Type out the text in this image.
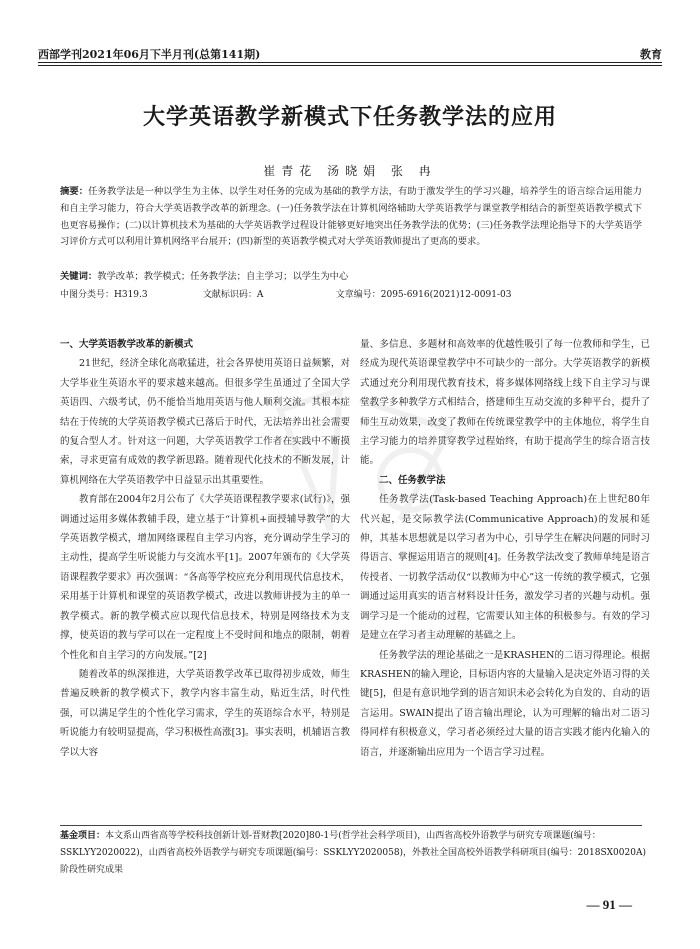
西部学刊2021年06月下半月刊(总第141期)	教育
大学英语教学新模式下任务教学法的应用
崔青花 汤晓娟 张 冉
摘要：任务教学法是一种以学生为主体、以学生对任务的完成为基础的教学方法，有助于激发学生的学习兴趣，培养学生的语言综合运用能力和自主学习能力，符合大学英语教学改革的新理念。(一)任务教学法在计算机网络辅助大学英语教学与课堂教学相结合的新型英语教学模式下也更容易操作；(二)以计算机技术为基础的大学英语教学过程设计能够更好地突出任务教学法的优势；(三)任务教学法理论指导下的大学英语学习评价方式可以利用计算机网络平台展开；(四)新型的英语教学模式对大学英语教师提出了更高的要求。
关键词：教学改革；教学模式；任务教学法；自主学习；以学生为中心
中图分类号：H319.3	文献标识码：A	文章编号：2095-6916(2021)12-0091-03
一、大学英语教学改革的新模式

21世纪，经济全球化高歌猛进，社会各界使用英语日益频繁，对大学毕业生英语水平的要求越来越高。但很多学生虽通过了全国大学英语四、六级考试，仍不能恰当地用英语与他人顺利交流。其根本症结在于传统的大学英语教学模式已落后于时代，无法培养出社会需要的复合型人才。针对这一问题，大学英语教学工作者在实践中不断摸索，寻求更富有成效的教学新思路。随着现代化技术的不断发展，计算机网络在大学英语教学中日益显示出其重要性。

教育部在2004年2月公布了《大学英语课程教学要求(试行)》，强调通过运用多媒体教辅手段，建立基于“计算机+面授辅导教学”的大学英语教学模式，增加网络课程自主学习内容，充分调动学生学习的主动性，提高学生听说能力与交流水平[1]。2007年颁布的《大学英语课程教学要求》再次强调：“各高等学校应充分利用现代信息技术，采用基于计算机和课堂的英语教学模式，改进以教师讲授为主的单一教学模式。新的教学模式应以现代信息技术，特别是网络技术为支撑，使英语的教与学可以在一定程度上不受时间和地点的限制，朝着个性化和自主学习的方向发展。”[2]

随着改革的纵深推进，大学英语教学改革已取得初步成效，师生普遍反映新的教学模式下，教学内容丰富生动，贴近生活，时代性强，可以满足学生的个性化学习需求，学生的英语综合水平，特别是听说能力有较明显提高，学习积极性高涨[3]。事实表明，机辅语言教学以大容

量、多信息、多题材和高效率的优越性吸引了每一位教师和学生，已经成为现代英语课堂教学中不可缺少的一部分。大学英语教学的新模式通过充分利用现代教育技术，将多媒体网络线上线下自主学习与课堂教学多种教学方式相结合，搭建师生互动交流的多种平台，提升了师生互动效果，改变了教师在传统课堂教学中的主体地位，将学生自主学习能力的培养贯穿教学过程始终，有助于提高学生的综合语言技能。

二、任务教学法

任务教学法(Task-based Teaching Approach)在上世纪80年代兴起，是交际教学法(Communicative Approach)的发展和延伸，其基本思想就是以学习者为中心，引导学生在解决问题的同时习得语言、掌握运用语言的规则[4]。任务教学法改变了教师单纯是语言传授者、一切教学活动仅“以教师为中心”这一传统的教学模式，它强调通过运用真实的语言材料设计任务，激发学习者的兴趣与动机。强调学习是一个能动的过程，它需要认知主体的积极参与。有效的学习是建立在学习者主动理解的基础之上。

任务教学法的理论基础之一是KRASHEN的二语习得理论。根据KRASHEN的输入理论，目标语内容的大量输入是决定外语习得的关键[5]，但是有意识地学到的语言知识未必会转化为自发的、自动的语言运用。SWAIN提出了语言输出理论，认为可理解的输出对二语习得同样有积极意义，学习者必须经过大量的语言实践才能内化输入的语言，并逐渐输出应用为一个语言学习过程。

基金项目：本文系山西省高等学校科技创新计划-晋财教[2020]80-1号(哲学社会科学项目)，山西省高校外语教学与研究专项课题(编号：SSKLYY2020022)，山西省高校外语教学与研究专项课题(编号：SSKLYY2020058)，外教社全国高校外语教学科研项目(编号：2018SX0020A)阶段性研究成果
— 91 —
